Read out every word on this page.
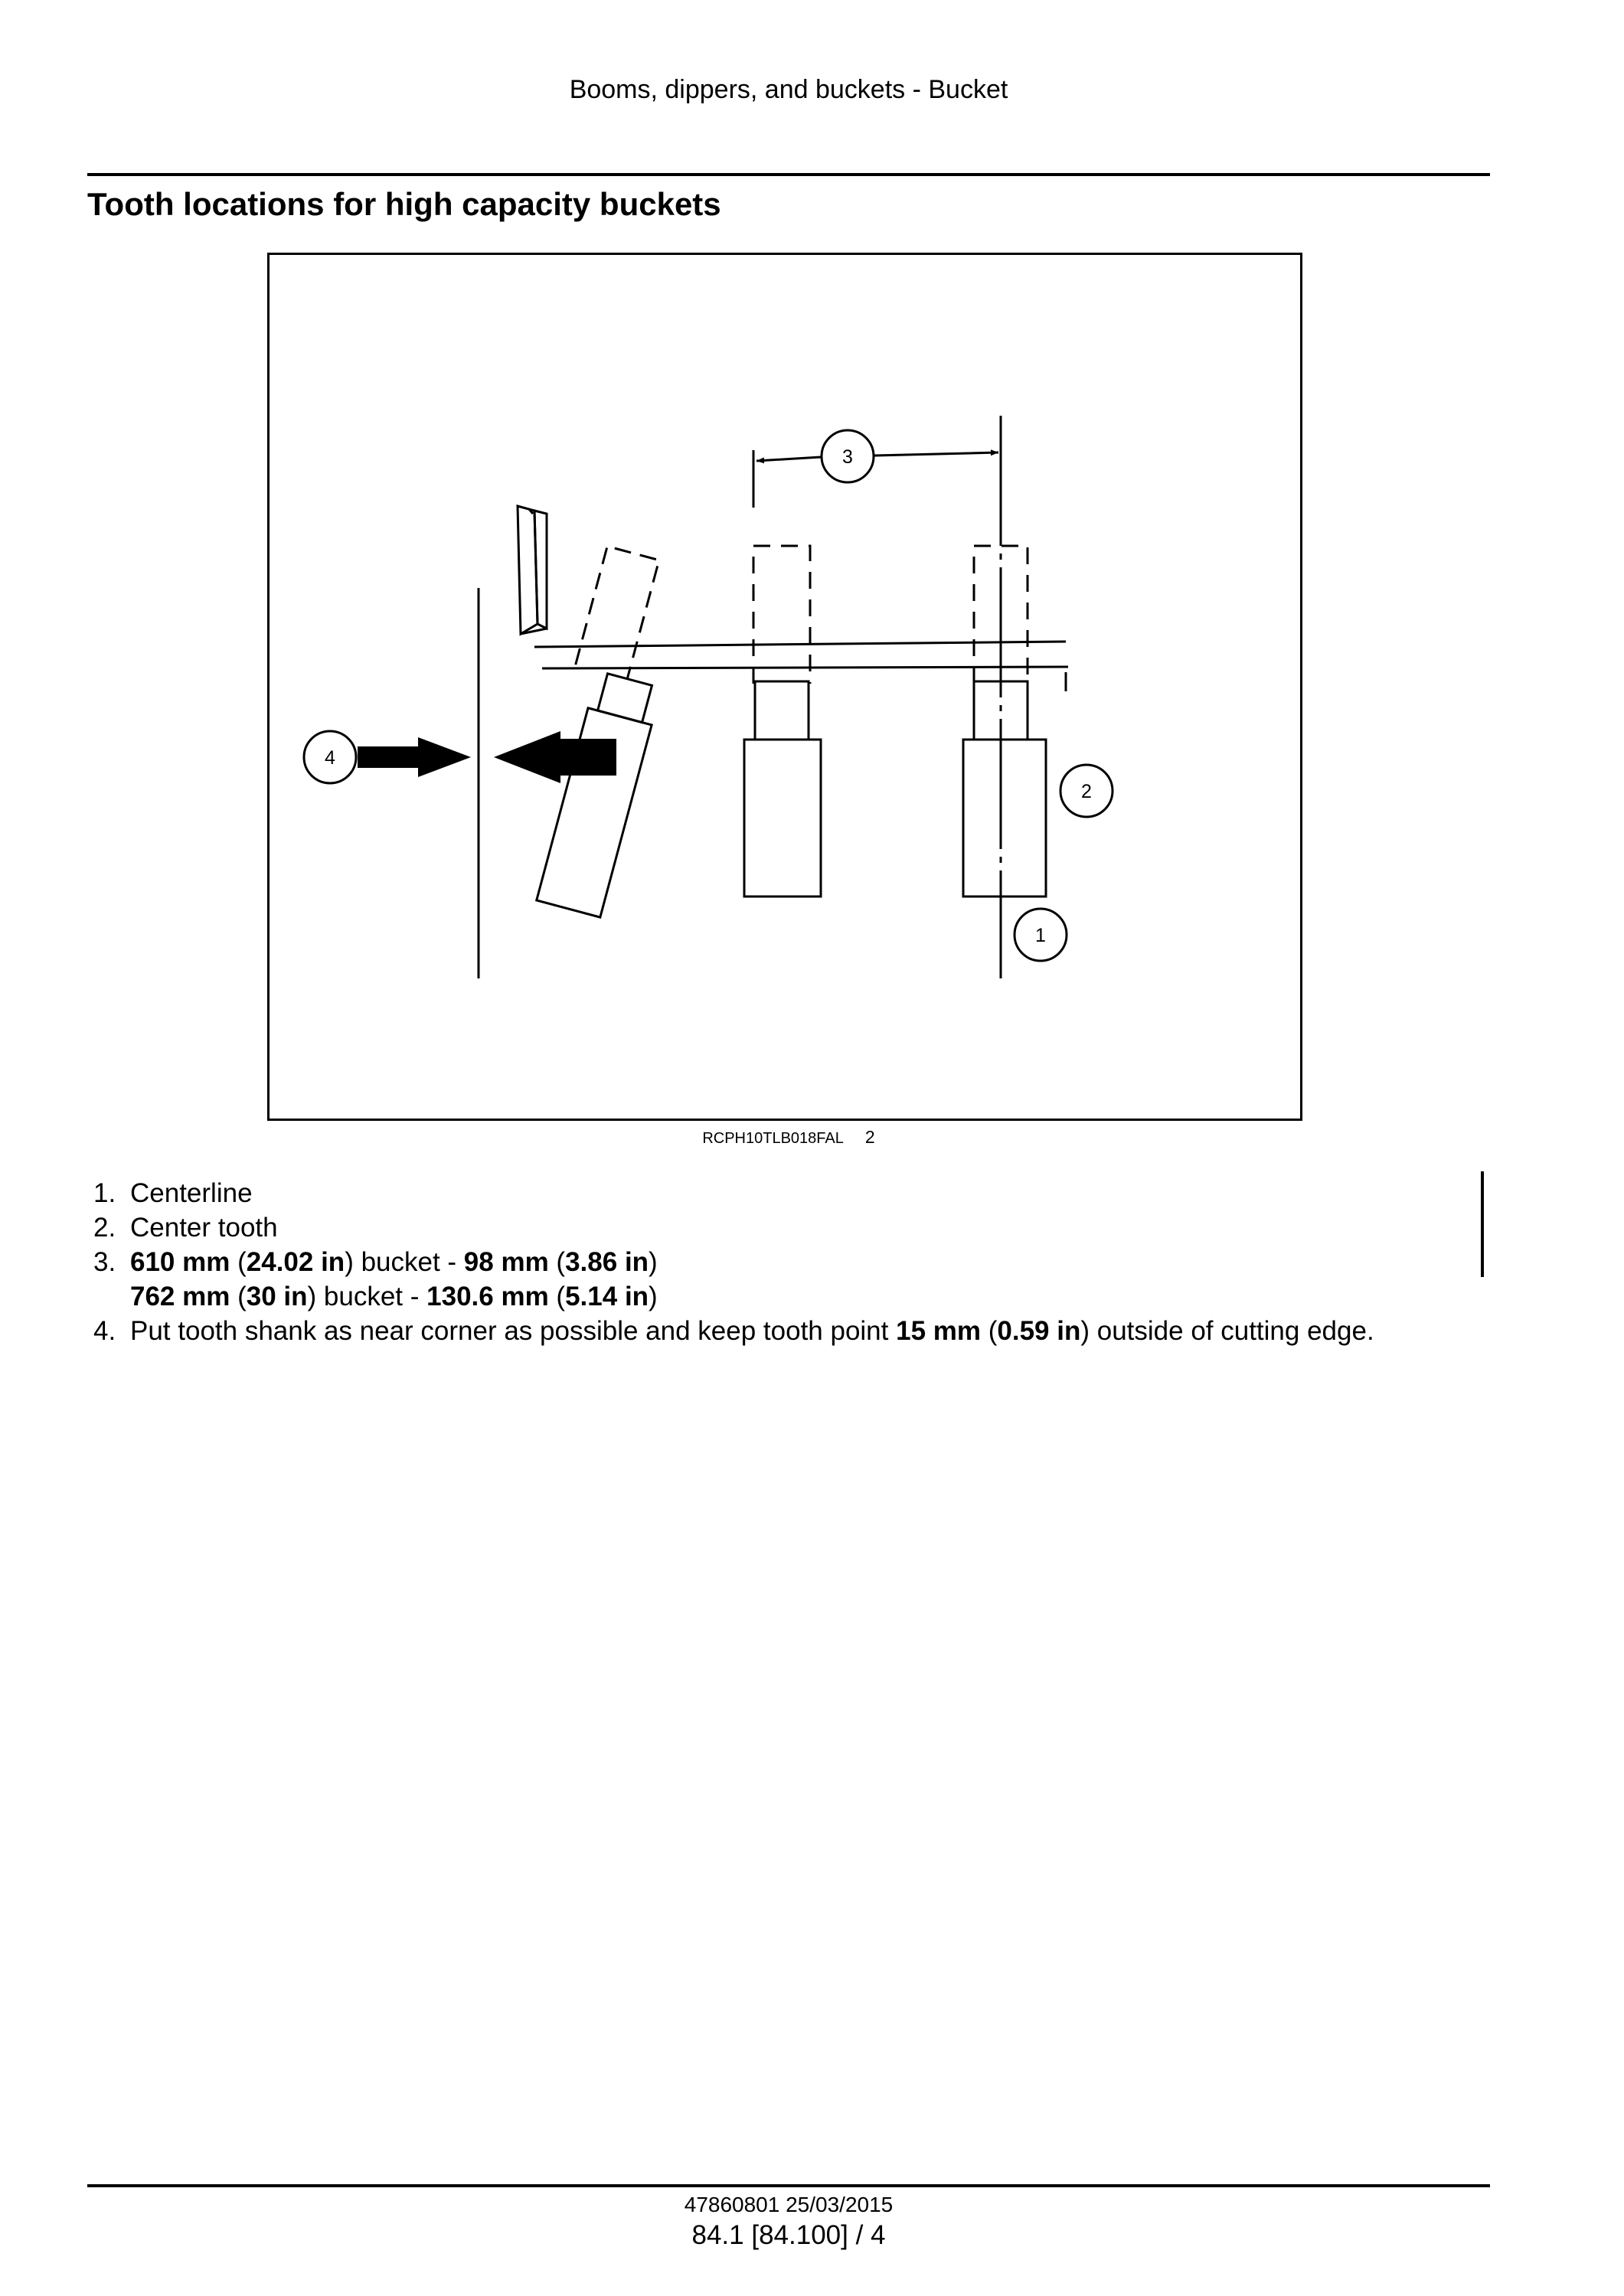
Booms, dippers, and buckets - Bucket
Tooth locations for high capacity buckets
3
4
2
1
RCPH10TLB018FAL 2
1. Centerline
2. Center tooth
3. 610 mm (24.02 in) bucket - 98 mm (3.86 in)
762 mm (30 in) bucket - 130.6 mm (5.14 in)
4. Put tooth shank as near corner as possible and keep tooth point 15 mm (0.59 in) outside of cutting edge.
47860801 25/03/2015
84.1 [84.100] / 4
